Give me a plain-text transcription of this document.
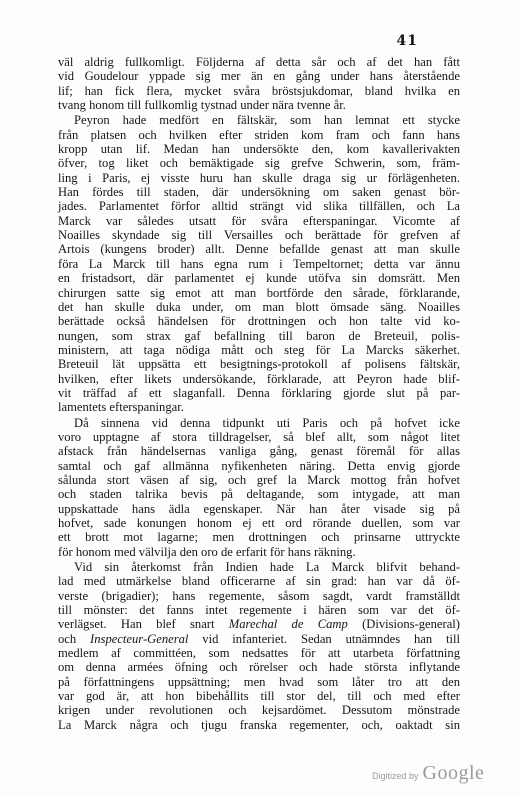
41
väl aldrig fullkomligt. Följderna af detta sår och af det han fått
vid Goudelour yppade sig mer än en gång under hans återstående
lif; han fick flera, mycket svåra bröstsjukdomar, bland hvilka en
tvang honom till fullkomlig tystnad under nära tvenne år.
Peyron hade medfört en fältskär, som han lemnat ett stycke
från platsen och hvilken efter striden kom fram och fann hans
kropp utan lif. Medan han undersökte den, kom kavallerivakten
öfver, tog liket och bemäktigade sig grefve Schwerin, som, främ-
ling i Paris, ej visste huru han skulle draga sig ur förlägenheten.
Han fördes till staden, där undersökning om saken genast bör-
jades. Parlamentet förfor alltid strängt vid slika tillfällen, och La
Marck var således utsatt för svåra efterspaningar. Vicomte af
Noailles skyndade sig till Versailles och berättade för grefven af
Artois (kungens broder) allt. Denne befallde genast att man skulle
föra La Marck till hans egna rum i Tempeltornet; detta var ännu
en fristadsort, där parlamentet ej kunde utöfva sin domsrätt. Men
chirurgen satte sig emot att man bortförde den sårade, förklarande,
det han skulle duka under, om man blott ömsade säng. Noailles
berättade också händelsen för drottningen och hon talte vid ko-
nungen, som strax gaf befallning till baron de Breteuil, polis-
ministern, att taga nödiga mått och steg för La Marcks säkerhet.
Breteuil lät uppsätta ett besigtnings-protokoll af polisens fältskär,
hvilken, efter likets undersökande, förklarade, att Peyron hade blif-
vit träffad af ett slaganfall. Denna förklaring gjorde slut på par-
lamentets efterspaningar.
Då sinnena vid denna tidpunkt uti Paris och på hofvet icke
voro upptagne af stora tilldragelser, så blef allt, som något litet
afstack från händelsernas vanliga gång, genast föremål för allas
samtal och gaf allmänna nyfikenheten näring. Detta envig gjorde
sålunda stort väsen af sig, och gref la Marck mottog från hofvet
och staden talrika bevis på deltagande, som intygade, att man
uppskattade hans ädla egenskaper. När han åter visade sig på
hofvet, sade konungen honom ej ett ord rörande duellen, som var
ett brott mot lagarne; men drottningen och prinsarne uttryckte
för honom med välvilja den oro de erfarit för hans räkning.
Vid sin återkomst från Indien hade La Marck blifvit behand-
lad med utmärkelse bland officerarne af sin grad: han var då öf-
verste (brigadier); hans regemente, såsom sagdt, vardt framställdt
till mönster: det fanns intet regemente i hären som var det öf-
verlägset. Han blef snart Marechal de Camp (Divisions-general)
och Inspecteur-General vid infanteriet. Sedan utnämndes han till
medlem af committéen, som nedsattes för att utarbeta författning
om denna armées öfning och rörelser och hade största inflytande
på författningens uppsättning; men hvad som låter tro att den
var god är, att hon bibehållits till stor del, till och med efter
krigen under revolutionen och kejsardömet. Dessutom mönstrade
La Marck några och tjugu franska regementer, och, oaktadt sin
Digitized by Google
